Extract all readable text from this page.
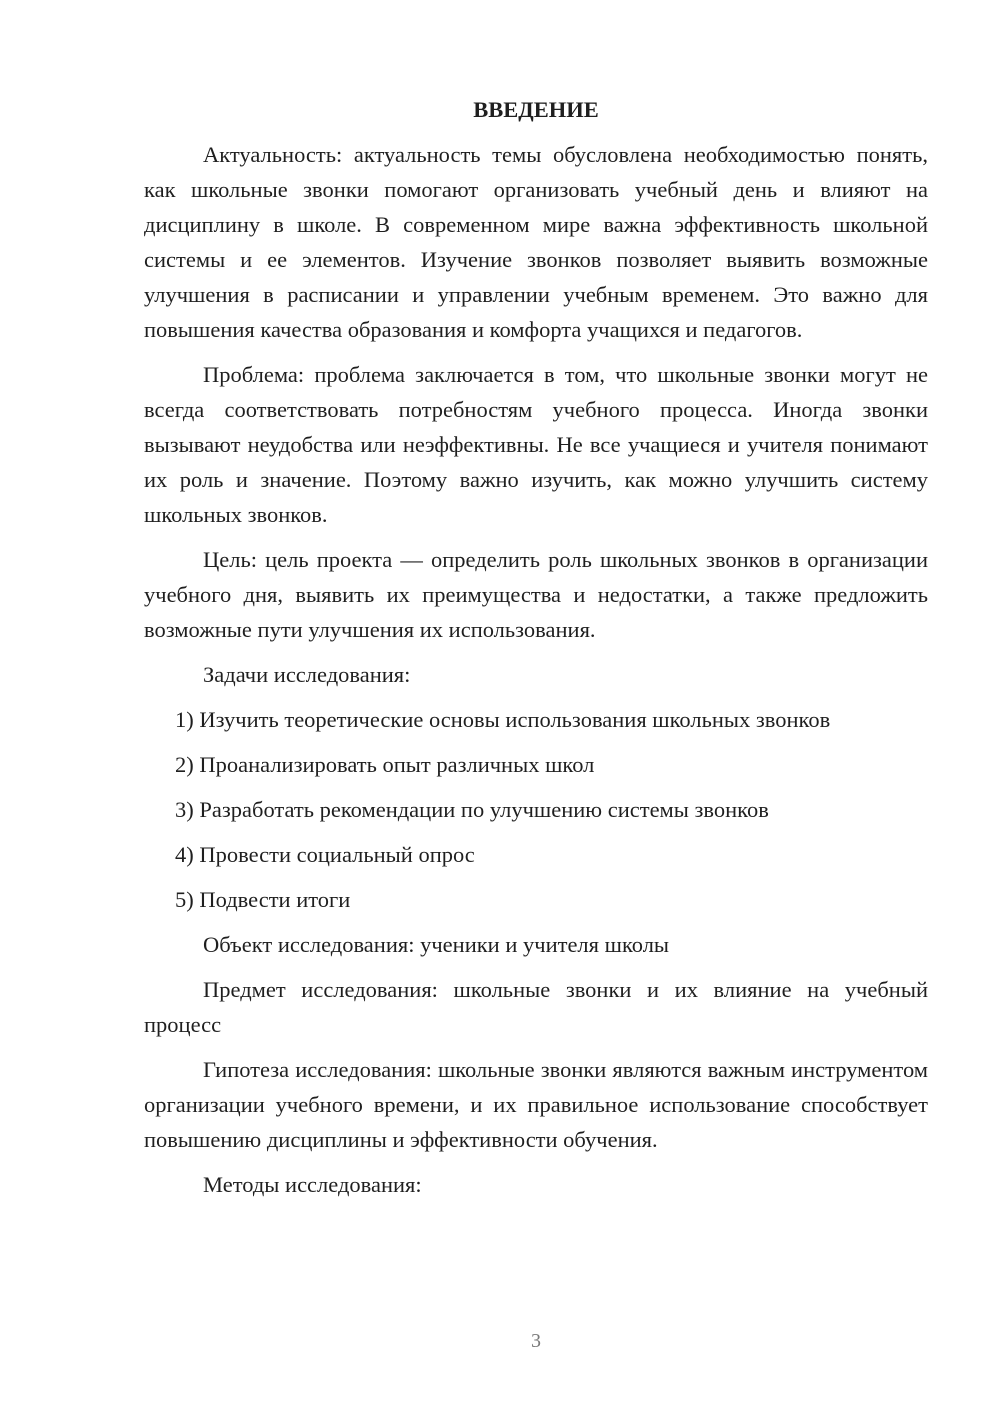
ВВЕДЕНИЕ

Актуальность: актуальность темы обусловлена необходимостью понять, как школьные звонки помогают организовать учебный день и влияют на дисциплину в школе. В современном мире важна эффективность школьной системы и ее элементов. Изучение звонков позволяет выявить возможные улучшения в расписании и управлении учебным временем. Это важно для повышения качества образования и комфорта учащихся и педагогов.

Проблема: проблема заключается в том, что школьные звонки могут не всегда соответствовать потребностям учебного процесса. Иногда звонки вызывают неудобства или неэффективны. Не все учащиеся и учителя понимают их роль и значение. Поэтому важно изучить, как можно улучшить систему школьных звонков.

Цель: цель проекта — определить роль школьных звонков в организации учебного дня, выявить их преимущества и недостатки, а также предложить возможные пути улучшения их использования.

Задачи исследования:

1) Изучить теоретические основы использования школьных звонков
2) Проанализировать опыт различных школ
3) Разработать рекомендации по улучшению системы звонков
4) Провести социальный опрос
5) Подвести итоги

Объект исследования: ученики и учителя школы

Предмет исследования: школьные звонки и их влияние на учебный процесс

Гипотеза исследования: школьные звонки являются важным инструментом организации учебного времени, и их правильное использование способствует повышению дисциплины и эффективности обучения.

Методы исследования:

3
